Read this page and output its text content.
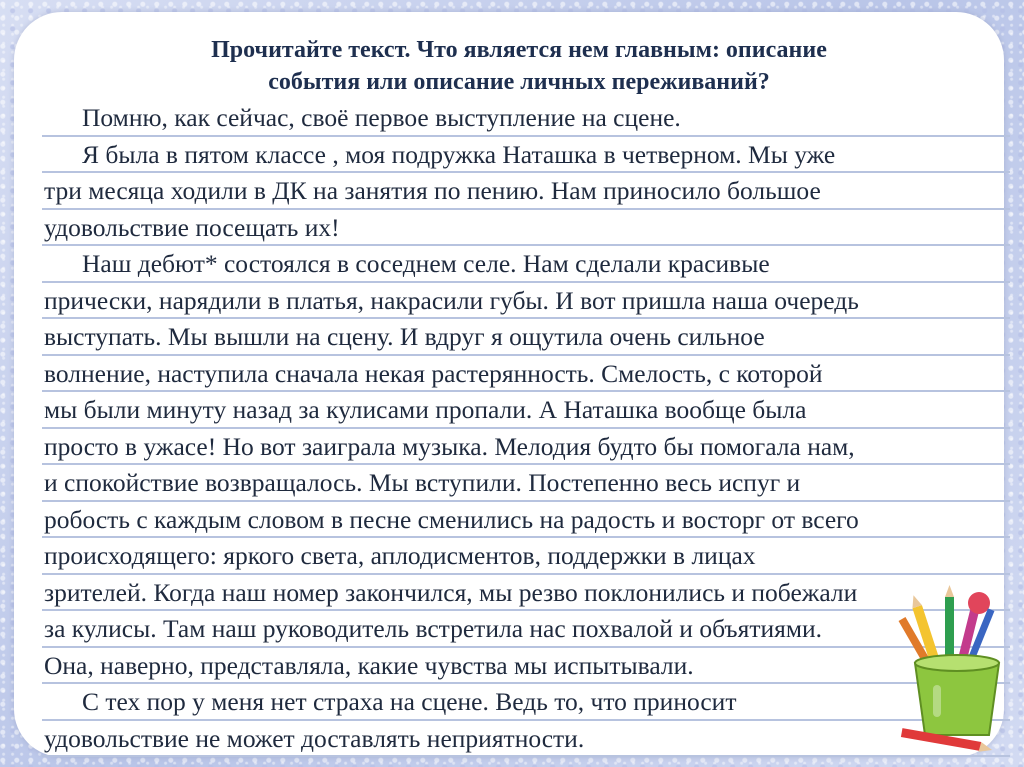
Прочитайте текст. Что является нем главным: описание
события или описание личных переживаний?
Помню, как сейчас, своё первое выступление на сцене.
Я была в пятом классе , моя подружка Наташка в четверном. Мы уже
три месяца ходили в ДК на занятия по пению. Нам приносило большое
удовольствие посещать их!
Наш дебют* состоялся в соседнем селе. Нам сделали красивые
прически, нарядили в платья, накрасили губы. И вот пришла наша очередь
выступать. Мы вышли на сцену. И вдруг я ощутила очень сильное
волнение, наступила сначала некая растерянность. Смелость, с которой
мы были минуту назад за кулисами пропали. А Наташка вообще была
просто в ужасе! Но вот заиграла музыка. Мелодия будто бы помогала нам,
и спокойствие возвращалось. Мы вступили. Постепенно весь испуг и
робость с каждым словом в песне сменились на радость и восторг от всего
происходящего: яркого света, аплодисментов, поддержки в лицах
зрителей. Когда наш номер закончился, мы резво поклонились и побежали
за кулисы. Там наш руководитель встретила нас похвалой и объятиями.
Она, наверно, представляла, какие чувства мы испытывали.
С тех пор у меня нет страха на сцене. Ведь то, что приносит
удовольствие не может доставлять неприятности.
